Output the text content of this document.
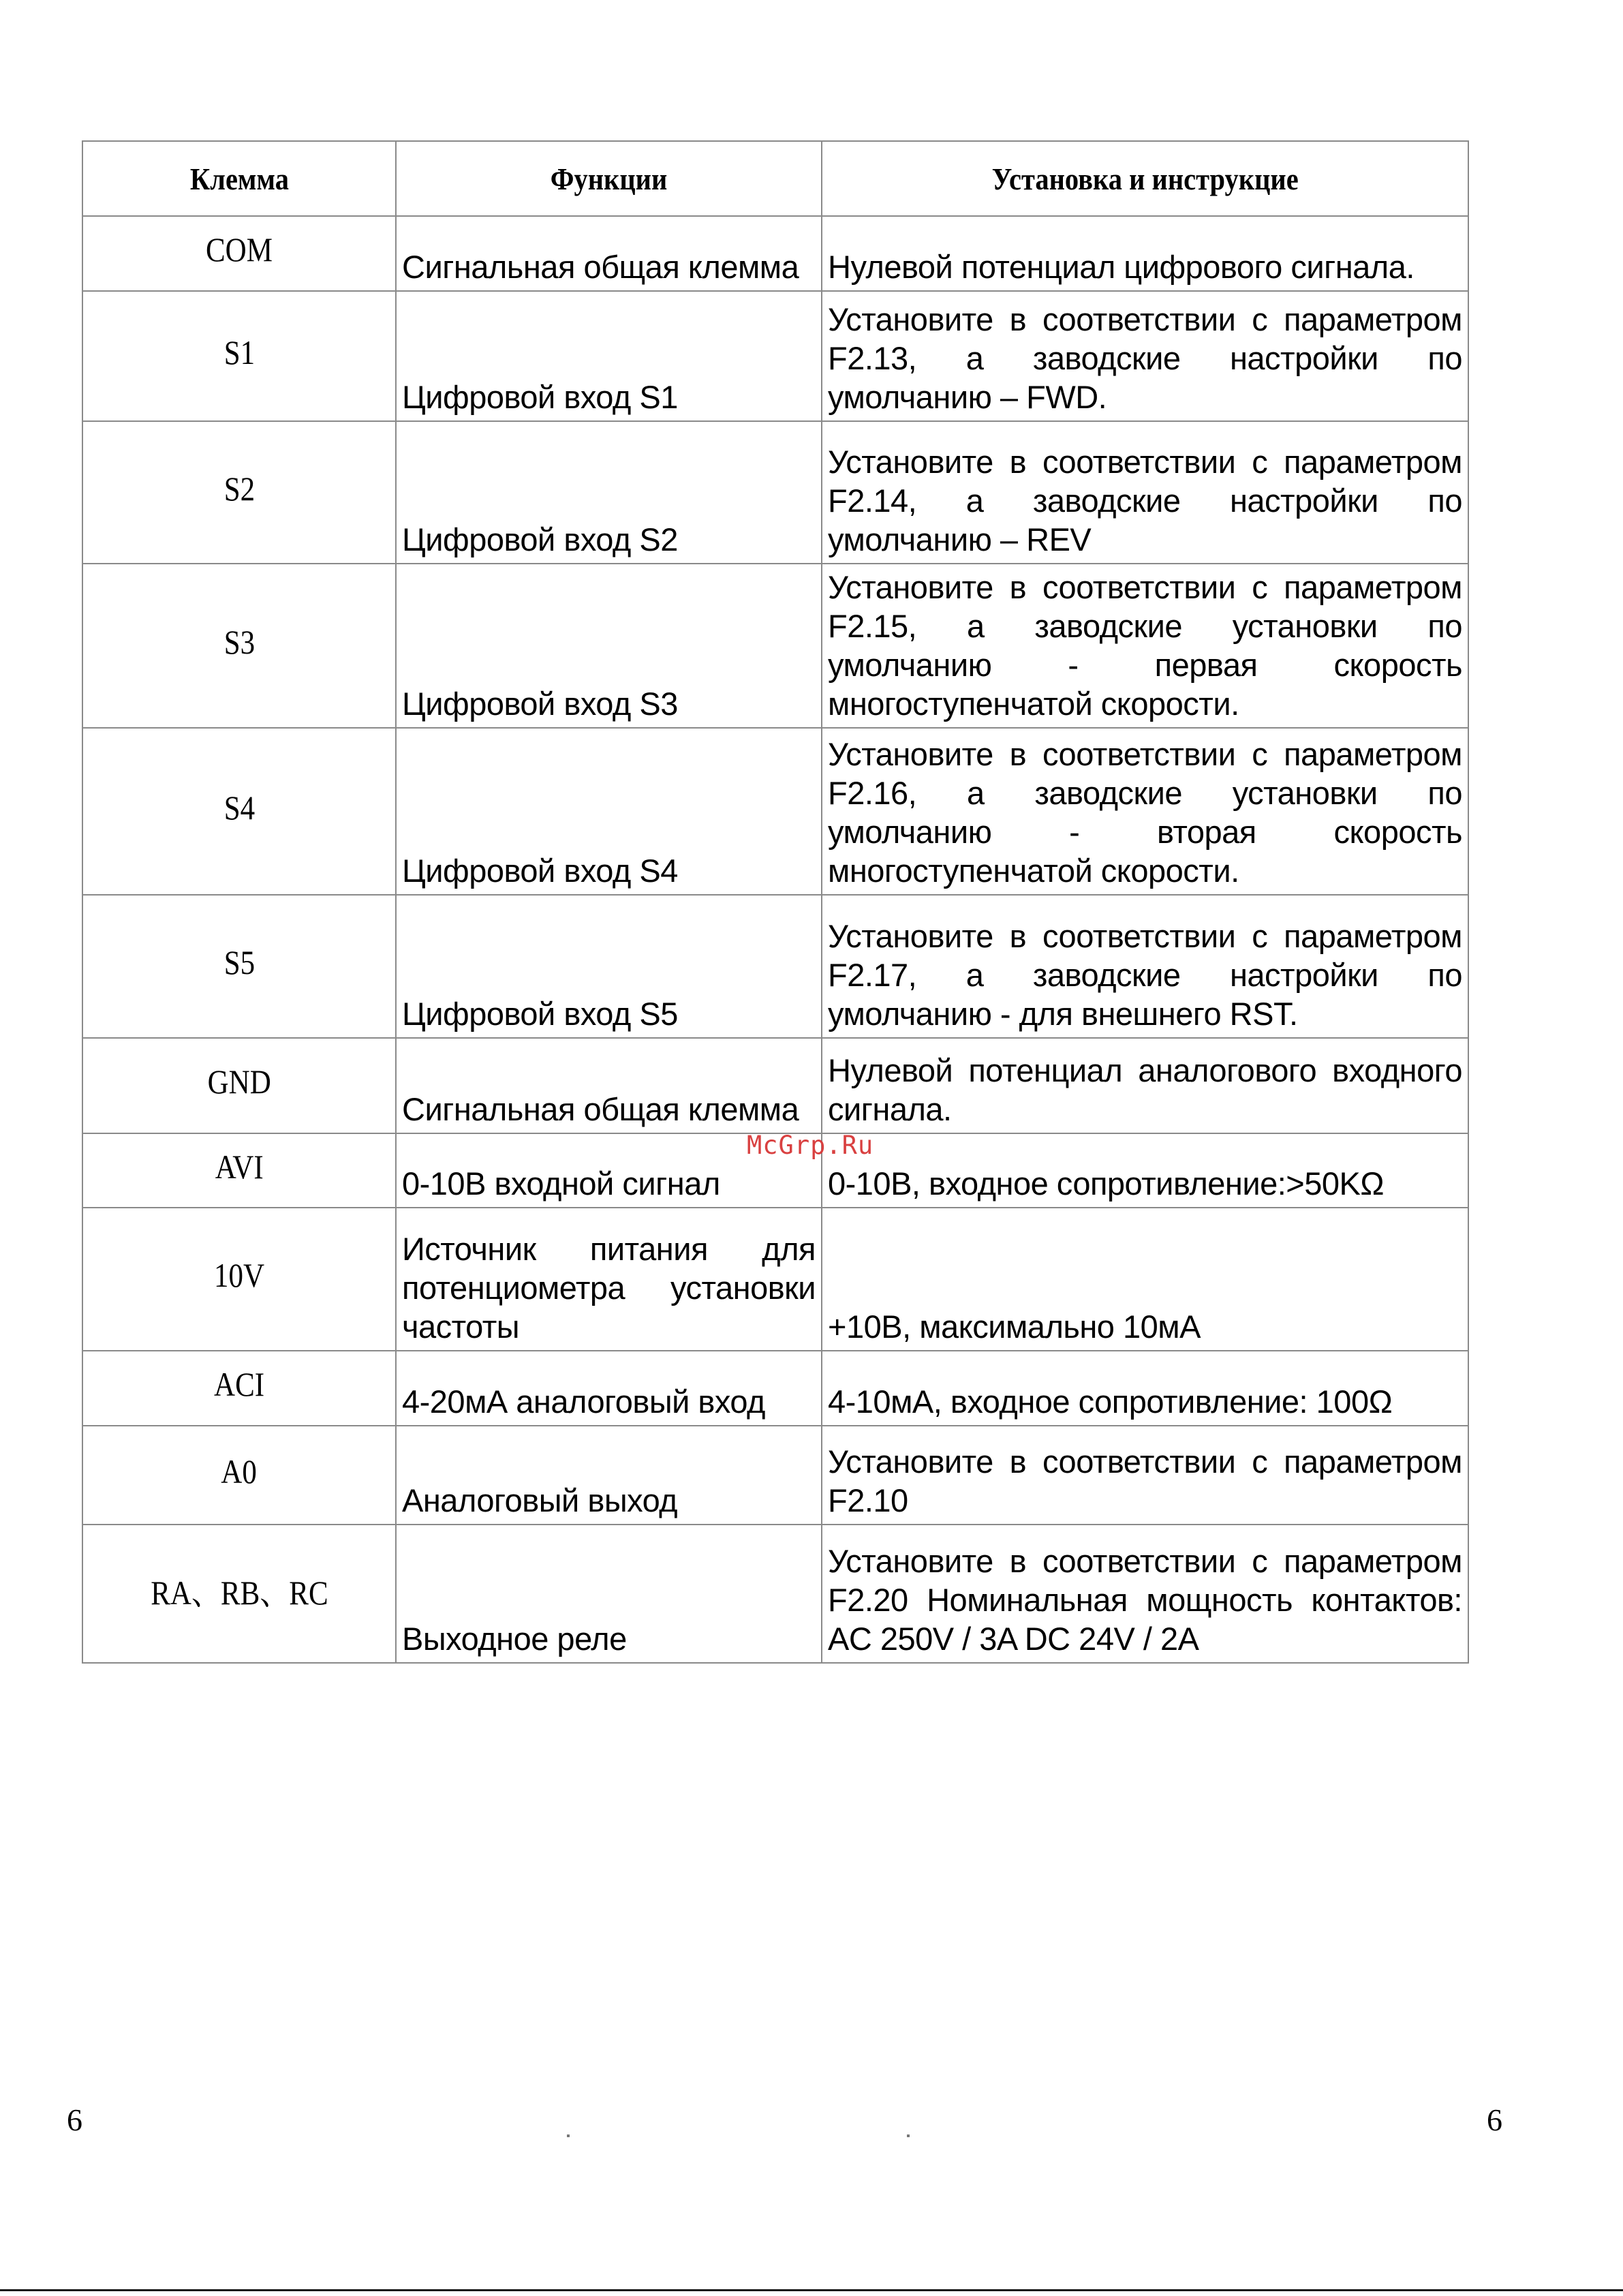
Клемма	Функции	Установка и инструкцие
COM	Сигнальная общая клемма	Нулевой потенциал цифрового сигнала.

S1	Цифровой вход S1	Установите в соответствии с параметром F2.13, а заводские настройки по умолчанию – FWD.

S2	Цифровой вход S2	Установите в соответствии с параметром F2.14, а заводские настройки по умолчанию – REV

S3	Цифровой вход S3	Установите в соответствии с параметром F2.15, а заводские установки по умолчанию - первая скорость многоступенчатой скорости.

S4	Цифровой вход S4	Установите в соответствии с параметром F2.16, а заводские установки по умолчанию - вторая скорость многоступенчатой скорости.

S5	Цифровой вход S5	Установите в соответствии с параметром F2.17, а заводские настройки по умолчанию - для внешнего RST.

GND	Сигнальная общая клемма	Нулевой потенциал аналогового входного сигнала.

AVI	0-10В входной сигнал	0-10В, входное сопротивление:>50KΩ

10V	Источник питания для потенциометра установки частоты	+10В, максимально 10мА

ACI	4-20мА аналоговый вход	4-10мА, входное сопротивление: 100Ω

A0	Аналоговый выход	Установите в соответствии с параметром F2.10

RA、RB、RC	Выходное реле	Установите в соответствии с параметром F2.20 Номинальная мощность контактов: AC 250V / 3A DC 24V / 2A
McGrp.Ru
6	6
